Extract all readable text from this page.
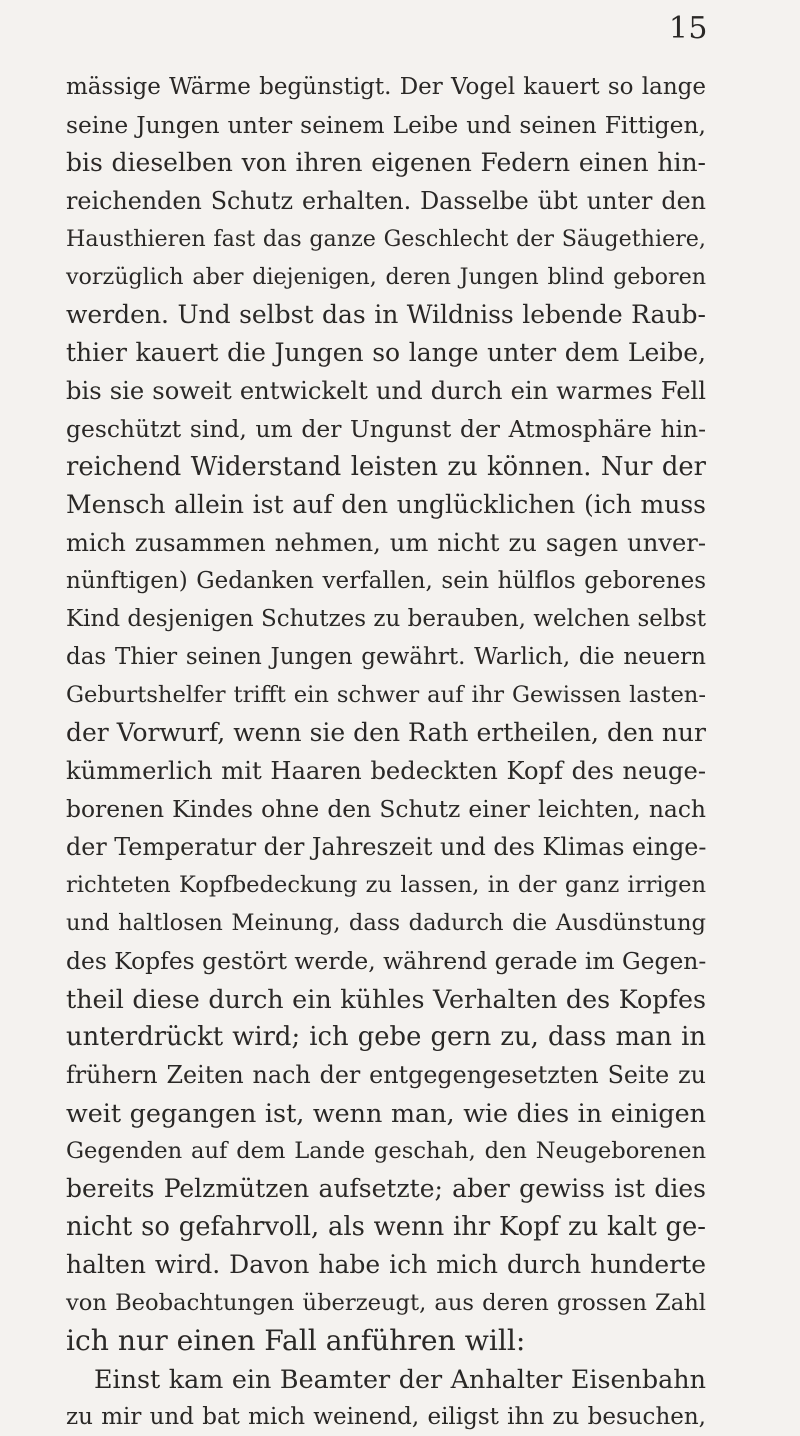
15
mässige Wärme begünstigt. Der Vogel kauert so lange
seine Jungen unter seinem Leibe und seinen Fittigen,
bis dieselben von ihren eigenen Federn einen hin-
reichenden Schutz erhalten. Dasselbe übt unter den
Hausthieren fast das ganze Geschlecht der Säugethiere,
vorzüglich aber diejenigen, deren Jungen blind geboren
werden. Und selbst das in Wildniss lebende Raub-
thier kauert die Jungen so lange unter dem Leibe,
bis sie soweit entwickelt und durch ein warmes Fell
geschützt sind, um der Ungunst der Atmosphäre hin-
reichend Widerstand leisten zu können. Nur der
Mensch allein ist auf den unglücklichen (ich muss
mich zusammen nehmen, um nicht zu sagen unver-
nünftigen) Gedanken verfallen, sein hülflos geborenes
Kind desjenigen Schutzes zu berauben, welchen selbst
das Thier seinen Jungen gewährt. Warlich, die neuern
Geburtshelfer trifft ein schwer auf ihr Gewissen lasten-
der Vorwurf, wenn sie den Rath ertheilen, den nur
kümmerlich mit Haaren bedeckten Kopf des neuge-
borenen Kindes ohne den Schutz einer leichten, nach
der Temperatur der Jahreszeit und des Klimas einge-
richteten Kopfbedeckung zu lassen, in der ganz irrigen
und haltlosen Meinung, dass dadurch die Ausdünstung
des Kopfes gestört werde, während gerade im Gegen-
theil diese durch ein kühles Verhalten des Kopfes
unterdrückt wird; ich gebe gern zu, dass man in
frühern Zeiten nach der entgegengesetzten Seite zu
weit gegangen ist, wenn man, wie dies in einigen
Gegenden auf dem Lande geschah, den Neugeborenen
bereits Pelzmützen aufsetzte; aber gewiss ist dies
nicht so gefahrvoll, als wenn ihr Kopf zu kalt ge-
halten wird. Davon habe ich mich durch hunderte
von Beobachtungen überzeugt, aus deren grossen Zahl
ich nur einen Fall anführen will:
Einst kam ein Beamter der Anhalter Eisenbahn
zu mir und bat mich weinend, eiligst ihn zu besuchen,
